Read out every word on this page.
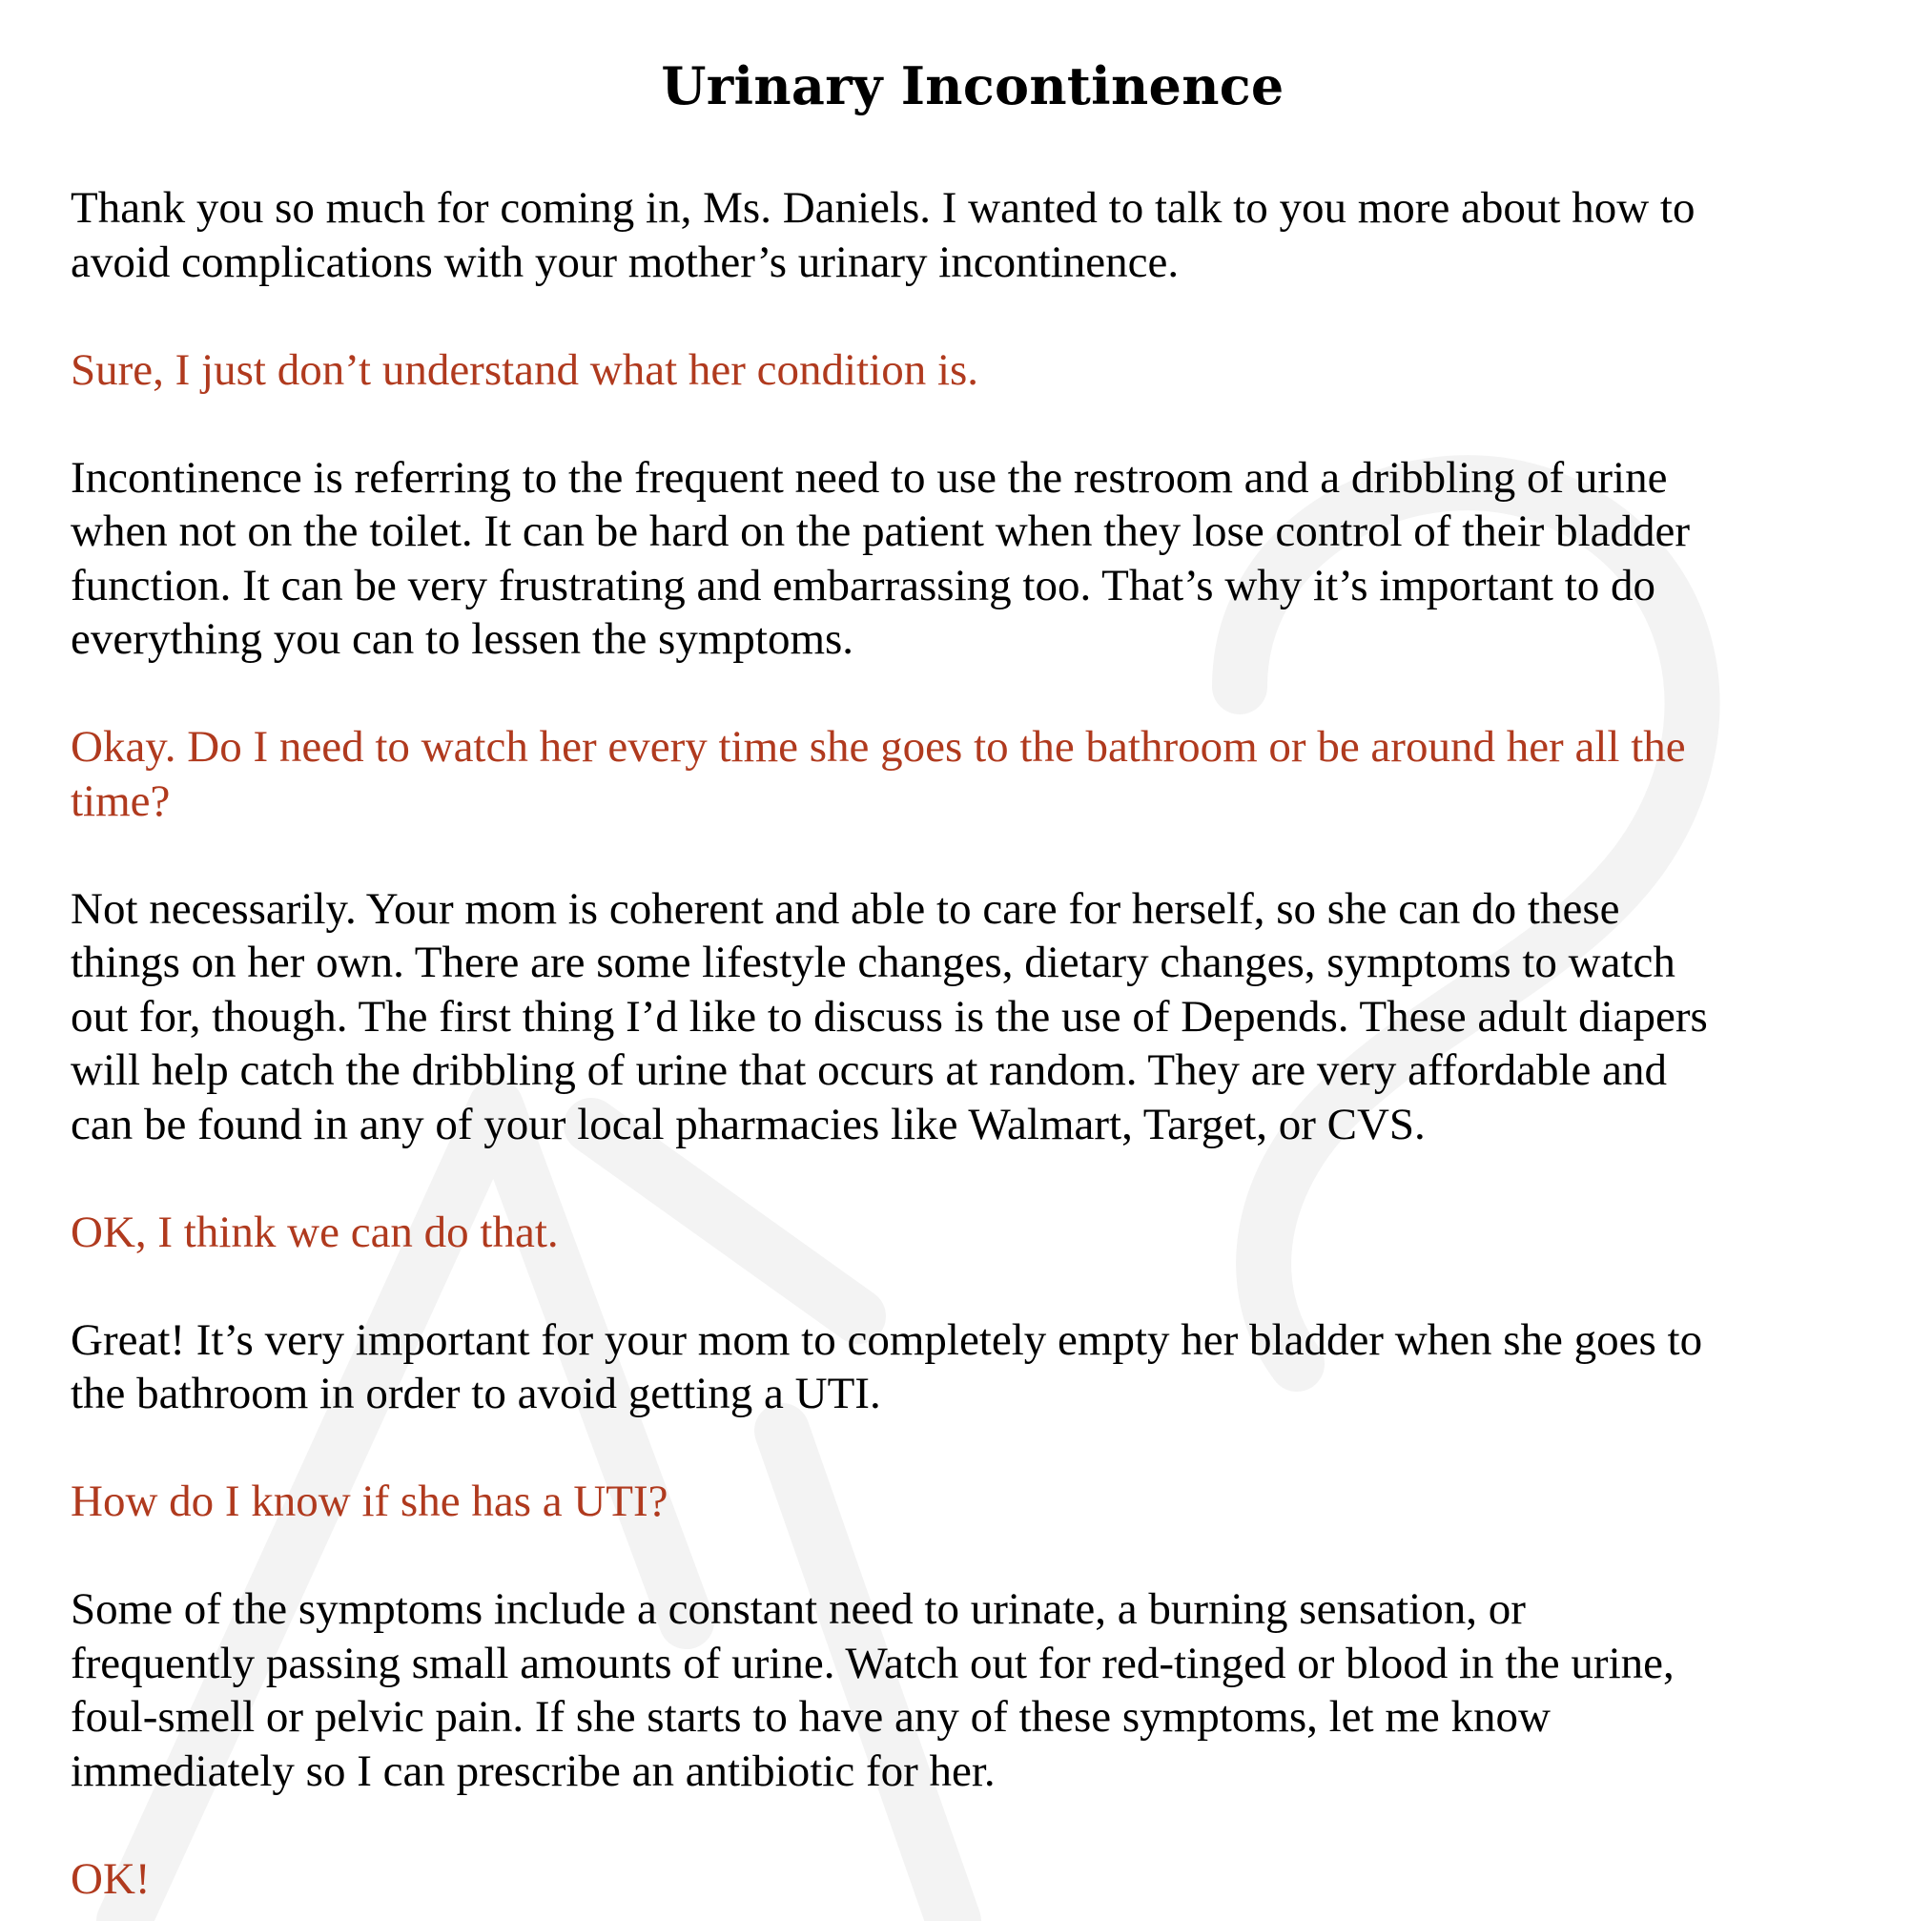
Urinary Incontinence

Thank you so much for coming in, Ms. Daniels. I wanted to talk to you more about how to
avoid complications with your mother’s urinary incontinence.

Sure, I just don’t understand what her condition is.

Incontinence is referring to the frequent need to use the restroom and a dribbling of urine
when not on the toilet. It can be hard on the patient when they lose control of their bladder
function. It can be very frustrating and embarrassing too. That’s why it’s important to do
everything you can to lessen the symptoms.

Okay. Do I need to watch her every time she goes to the bathroom or be around her all the
time?

Not necessarily. Your mom is coherent and able to care for herself, so she can do these
things on her own. There are some lifestyle changes, dietary changes, symptoms to watch
out for, though. The first thing I’d like to discuss is the use of Depends. These adult diapers
will help catch the dribbling of urine that occurs at random. They are very affordable and
can be found in any of your local pharmacies like Walmart, Target, or CVS.

OK, I think we can do that.

Great! It’s very important for your mom to completely empty her bladder when she goes to
the bathroom in order to avoid getting a UTI.

How do I know if she has a UTI?

Some of the symptoms include a constant need to urinate, a burning sensation, or
frequently passing small amounts of urine. Watch out for red-tinged or blood in the urine,
foul-smell or pelvic pain. If she starts to have any of these symptoms, let me know
immediately so I can prescribe an antibiotic for her.

OK!
